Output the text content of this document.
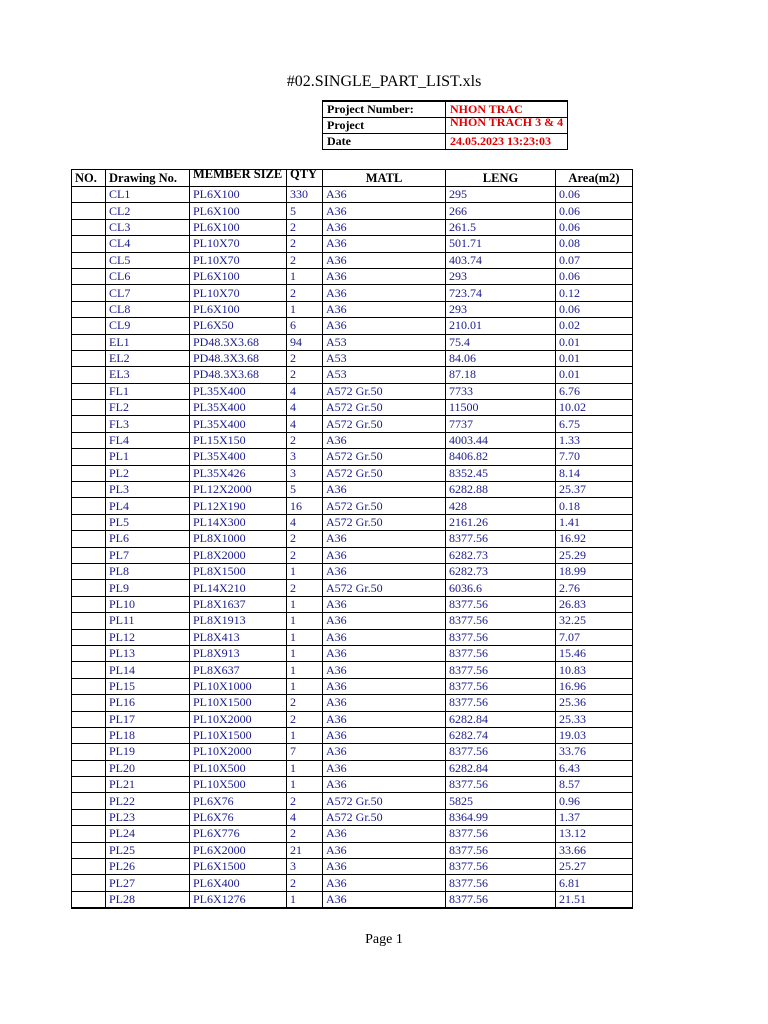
#02.SINGLE_PART_LIST.xls
Project Number:	NHON TRAC
Project	NHON TRACH 3 & 4
Date	24.05.2023 13:23:03
NO.	Drawing No.	MEMBER SIZE	QTY	MATL	LENG	Area(m2)
	CL1	PL6X100	330	A36	295	0.06
	CL2	PL6X100	5	A36	266	0.06
	CL3	PL6X100	2	A36	261.5	0.06
	CL4	PL10X70	2	A36	501.71	0.08
	CL5	PL10X70	2	A36	403.74	0.07
	CL6	PL6X100	1	A36	293	0.06
	CL7	PL10X70	2	A36	723.74	0.12
	CL8	PL6X100	1	A36	293	0.06
	CL9	PL6X50	6	A36	210.01	0.02
	EL1	PD48.3X3.68	94	A53	75.4	0.01
	EL2	PD48.3X3.68	2	A53	84.06	0.01
	EL3	PD48.3X3.68	2	A53	87.18	0.01
	FL1	PL35X400	4	A572 Gr.50	7733	6.76
	FL2	PL35X400	4	A572 Gr.50	11500	10.02
	FL3	PL35X400	4	A572 Gr.50	7737	6.75
	FL4	PL15X150	2	A36	4003.44	1.33
	PL1	PL35X400	3	A572 Gr.50	8406.82	7.70
	PL2	PL35X426	3	A572 Gr.50	8352.45	8.14
	PL3	PL12X2000	5	A36	6282.88	25.37
	PL4	PL12X190	16	A572 Gr.50	428	0.18
	PL5	PL14X300	4	A572 Gr.50	2161.26	1.41
	PL6	PL8X1000	2	A36	8377.56	16.92
	PL7	PL8X2000	2	A36	6282.73	25.29
	PL8	PL8X1500	1	A36	6282.73	18.99
	PL9	PL14X210	2	A572 Gr.50	6036.6	2.76
	PL10	PL8X1637	1	A36	8377.56	26.83
	PL11	PL8X1913	1	A36	8377.56	32.25
	PL12	PL8X413	1	A36	8377.56	7.07
	PL13	PL8X913	1	A36	8377.56	15.46
	PL14	PL8X637	1	A36	8377.56	10.83
	PL15	PL10X1000	1	A36	8377.56	16.96
	PL16	PL10X1500	2	A36	8377.56	25.36
	PL17	PL10X2000	2	A36	6282.84	25.33
	PL18	PL10X1500	1	A36	6282.74	19.03
	PL19	PL10X2000	7	A36	8377.56	33.76
	PL20	PL10X500	1	A36	6282.84	6.43
	PL21	PL10X500	1	A36	8377.56	8.57
	PL22	PL6X76	2	A572 Gr.50	5825	0.96
	PL23	PL6X76	4	A572 Gr.50	8364.99	1.37
	PL24	PL6X776	2	A36	8377.56	13.12
	PL25	PL6X2000	21	A36	8377.56	33.66
	PL26	PL6X1500	3	A36	8377.56	25.27
	PL27	PL6X400	2	A36	8377.56	6.81
	PL28	PL6X1276	1	A36	8377.56	21.51
Page 1
